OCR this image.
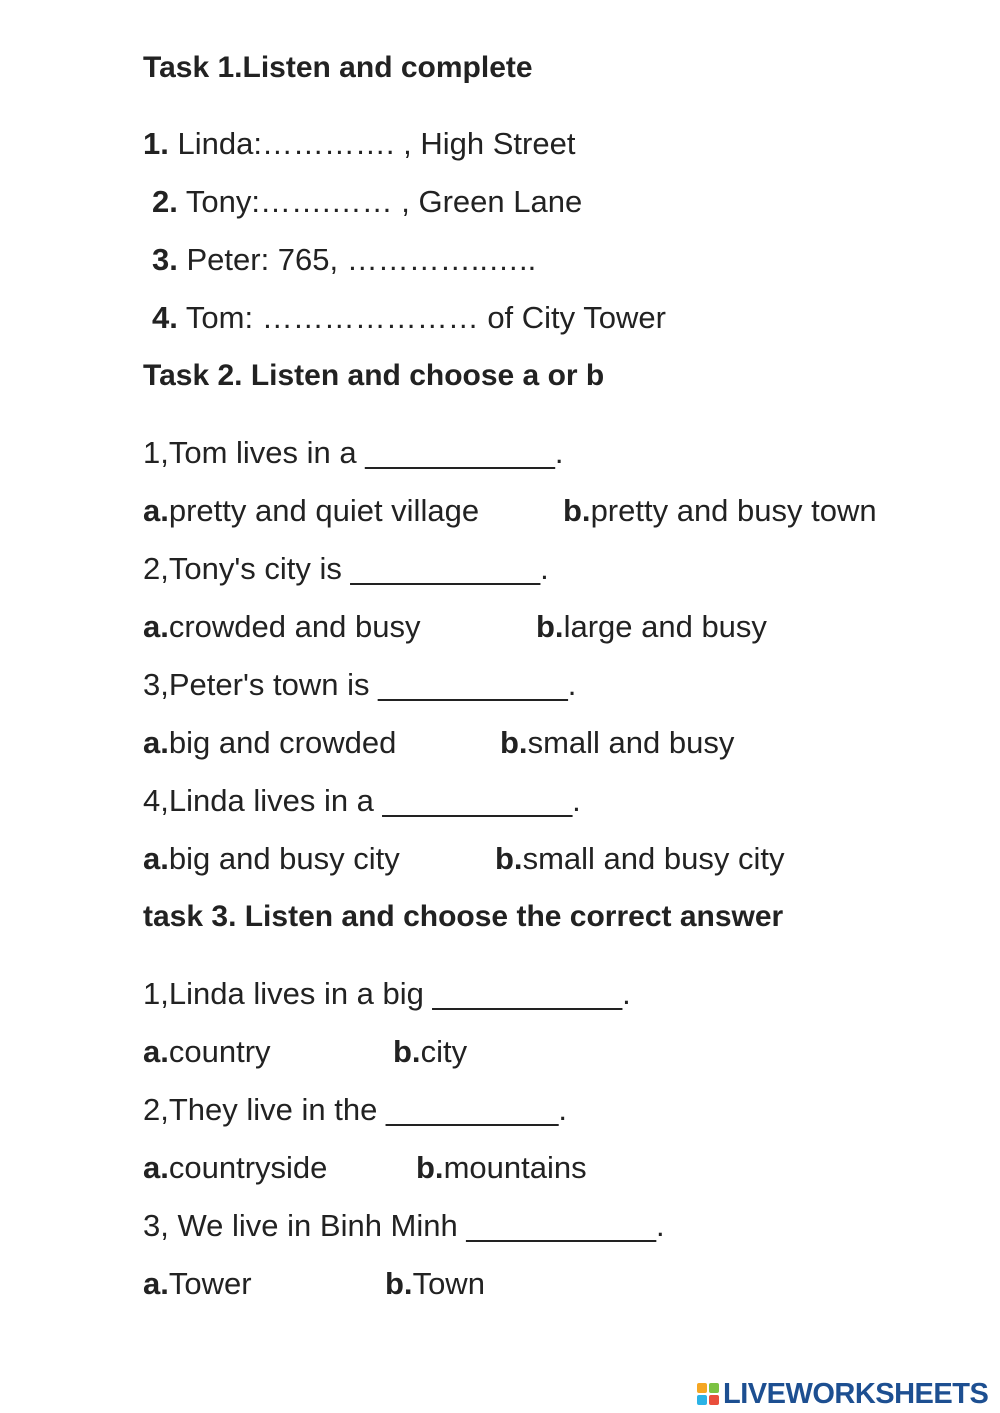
Task 1.Listen and complete
1. Linda:…………. , High Street
2. Tony:…….…… , Green Lane
3. Peter: 765, …………..…..
4. Tom: ………………… of City Tower
Task 2. Listen and choose a or b
1,Tom lives in a ___________.
a.pretty and quiet village	b.pretty and busy town
2,Tony's city is ___________.
a.crowded and busy	b.large and busy
3,Peter's town is ___________.
a.big and crowded	b.small and busy
4,Linda lives in a ___________.
a.big and busy city	b.small and busy city
task 3. Listen and choose the correct answer
1,Linda lives in a big ___________.
a.country	b.city
2,They live in the __________.
a.countryside	b.mountains
3, We live in Binh Minh ___________.
a.Tower	b.Town
LIVEWORKSHEETS
